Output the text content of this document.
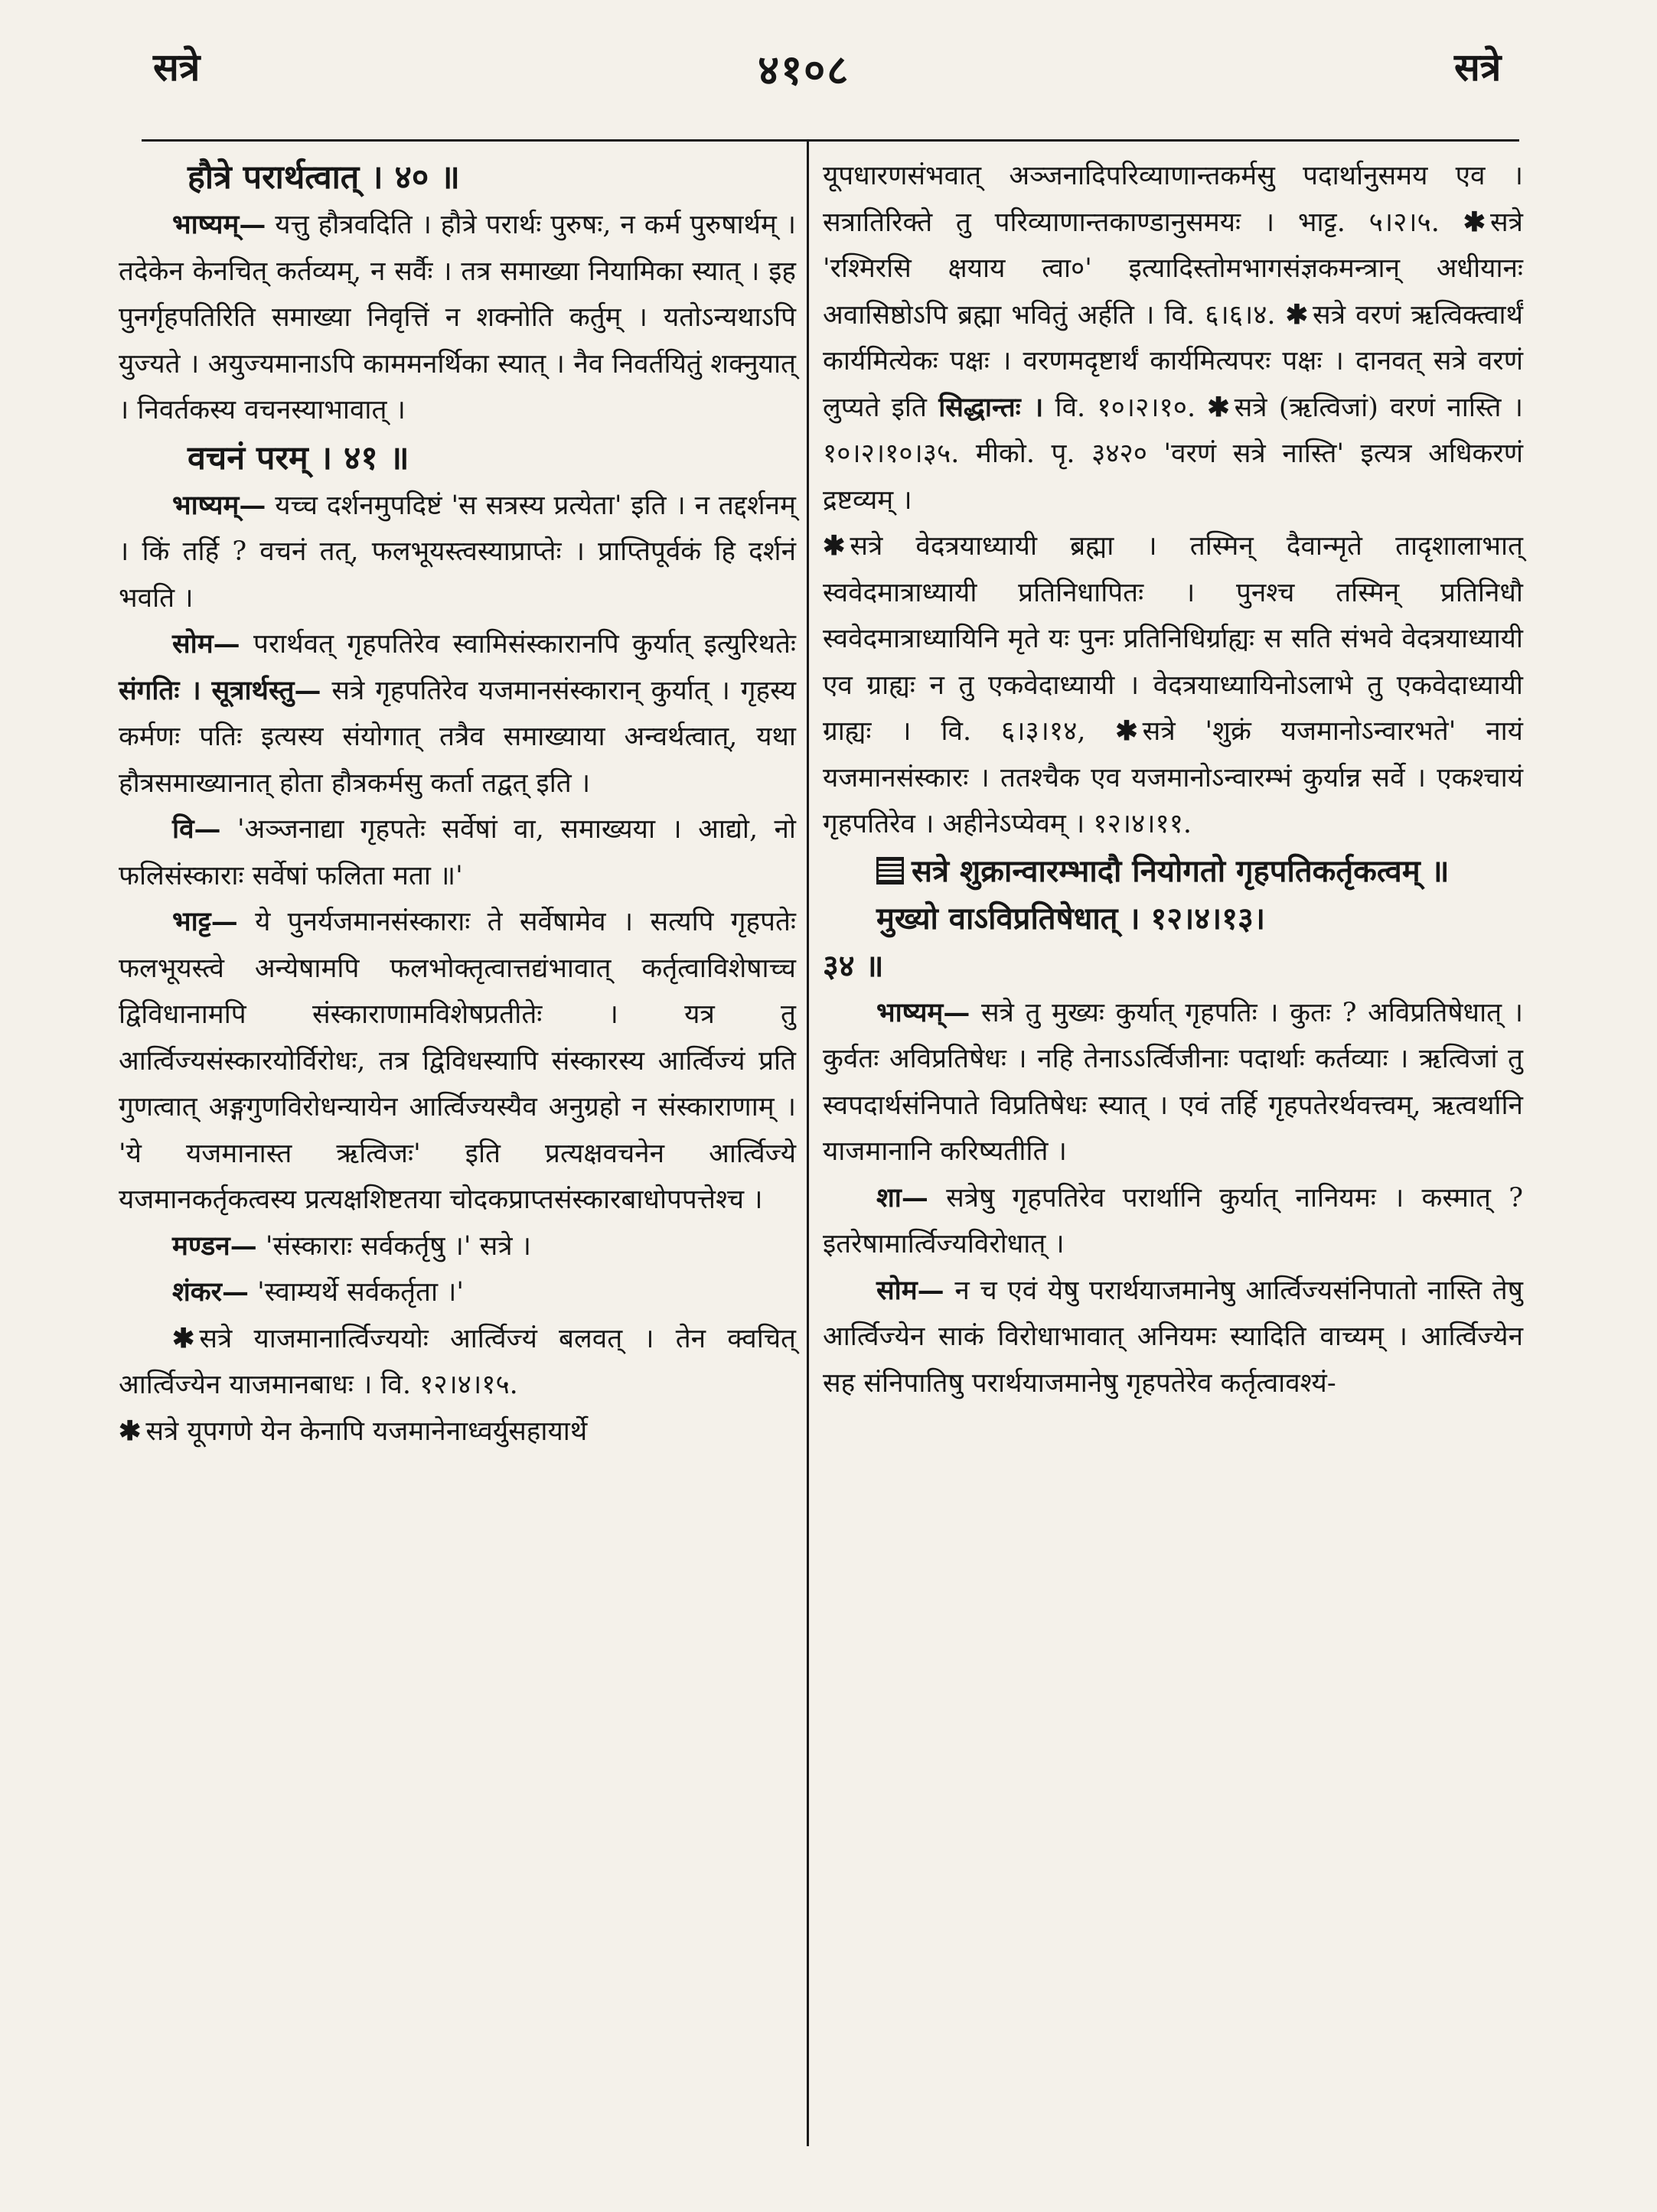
सत्रे	४१०८	सत्रे

हौत्रे परार्थत्वात् । ४० ॥

भाष्यम्— यत्तु हौत्रवदिति । हौत्रे परार्थः पुरुषः, न कर्म पुरुषार्थम् । तदेकेन केनचित् कर्तव्यम्, न सर्वैः । तत्र समाख्या नियामिका स्यात् । इह पुनर्गृहपतिरिति समाख्या निवृत्तिं न शक्नोति कर्तुम् । यतोऽन्यथाऽपि युज्यते । अयुज्यमानाऽपि काममनर्थिका स्यात् । नैव निवर्तयितुं शक्नुयात् । निवर्तकस्य वचनस्याभावात् ।

वचनं परम् । ४१ ॥

भाष्यम्— यच्च दर्शनमुपदिष्टं 'स सत्रस्य प्रत्येता' इति । न तद्दर्शनम् । किं तर्हि ? वचनं तत्, फलभूयस्त्वस्याप्राप्तेः । प्राप्तिपूर्वकं हि दर्शनं भवति ।

सोम— परार्थवत् गृहपतिरेव स्वामिसंस्कारानपि कुर्यात् इत्युरिथतेः संगतिः । सूत्रार्थस्तु— सत्रे गृहपतिरेव यजमानसंस्कारान् कुर्यात् । गृहस्य कर्मणः पतिः इत्यस्य संयोगात् तत्रैव समाख्याया अन्वर्थत्वात्, यथा हौत्रसमाख्यानात् होता हौत्रकर्मसु कर्ता तद्वत् इति ।

वि— 'अञ्जनाद्या गृहपतेः सर्वेषां वा, समाख्यया । आद्यो, नो फलिसंस्काराः सर्वेषां फलिता मता ॥'

भाट्ट— ये पुनर्यजमानसंस्काराः ते सर्वेषामेव । सत्यपि गृहपतेः फलभूयस्त्वे अन्येषामपि फलभोक्तृत्वात्तद्यंभावात् कर्तृत्वाविशेषाच्च द्विविधानामपि संस्काराणामविशेषप्रतीतेः । यत्र तु आर्त्विज्यसंस्कारयोर्विरोधः, तत्र द्विविधस्यापि संस्कारस्य आर्त्विज्यं प्रति गुणत्वात् अङ्गगुणविरोधन्यायेन आर्त्विज्यस्यैव अनुग्रहो न संस्काराणाम् । 'ये यजमानास्त ऋत्विजः' इति प्रत्यक्षवचनेन आर्त्विज्ये यजमानकर्तृकत्वस्य प्रत्यक्षशिष्टतया चोदकप्राप्तसंस्कारबाधोपपत्तेश्च ।

मण्डन— 'संस्काराः सर्वकर्तृषु ।' सत्रे ।

शंकर— 'स्वाम्यर्थे सर्वकर्तृता ।'

✱ सत्रे याजमानार्त्विज्ययोः आर्त्विज्यं बलवत् । तेन क्वचित् आर्त्विज्येन याजमानबाधः । वि. १२।४।१५.

✱ सत्रे यूपगणे येन केनापि यजमानेनाध्वर्युसहायार्थे

यूपधारणसंभवात् अञ्जनादिपरिव्याणान्तकर्मसु पदार्थानुसमय एव । सत्रातिरिक्ते तु परिव्याणान्तकाण्डानुसमयः । भाट्ट. ५।२।५. ✱ सत्रे 'रश्मिरसि क्षयाय त्वा०' इत्यादिस्तोमभागसंज्ञकमन्त्रान् अधीयानः अवासिष्ठोऽपि ब्रह्मा भवितुं अर्हति । वि. ६।६।४. ✱ सत्रे वरणं ऋत्विक्त्वार्थं कार्यमित्येकः पक्षः । वरणमदृष्टार्थं कार्यमित्यपरः पक्षः । दानवत् सत्रे वरणं लुप्यते इति सिद्धान्तः । वि. १०।२।१०. ✱ सत्रे (ऋत्विजां) वरणं नास्ति । १०।२।१०।३५. मीको. पृ. ३४२० 'वरणं सत्रे नास्ति' इत्यत्र अधिकरणं द्रष्टव्यम् ।

✱ सत्रे वेदत्रयाध्यायी ब्रह्मा । तस्मिन् दैवान्मृते तादृशालाभात् स्ववेदमात्राध्यायी प्रतिनिधापितः । पुनश्च तस्मिन् प्रतिनिधौ स्ववेदमात्राध्यायिनि मृते यः पुनः प्रतिनिधिर्ग्राह्यः स सति संभवे वेदत्रयाध्यायी एव ग्राह्यः न तु एकवेदाध्यायी । वेदत्रयाध्यायिनोऽलाभे तु एकवेदाध्यायी ग्राह्यः । वि. ६।३।१४, ✱ सत्रे 'शुक्रं यजमानोऽन्वारभते' नायं यजमानसंस्कारः । ततश्चैक एव यजमानोऽन्वारम्भं कुर्यान्न सर्वे । एकश्चायं गृहपतिरेव । अहीनेऽप्येवम् । १२।४।११.

सत्रे शुक्रान्वारम्भादौ नियोगतो गृहपतिकर्तृकत्वम् ॥

मुख्यो वाऽविप्रतिषेधात् । १२।४।१३।

३४ ॥

भाष्यम्— सत्रे तु मुख्यः कुर्यात् गृहपतिः । कुतः ? अविप्रतिषेधात् । कुर्वतः अविप्रतिषेधः । नहि तेनाऽऽर्त्विजीनाः पदार्थाः कर्तव्याः । ऋत्विजां तु स्वपदार्थसंनिपाते विप्रतिषेधः स्यात् । एवं तर्हि गृहपतेरर्थवत्त्वम्, ऋत्वर्थानि याजमानानि करिष्यतीति ।

शा— सत्रेषु गृहपतिरेव परार्थानि कुर्यात् नानियमः । कस्मात् ? इतरेषामार्त्विज्यविरोधात् ।

सोम— न च एवं येषु परार्थयाजमानेषु आर्त्विज्यसंनिपातो नास्ति तेषु आर्त्विज्येन साकं विरोधाभावात् अनियमः स्यादिति वाच्यम् । आर्त्विज्येन सह संनिपातिषु परार्थयाजमानेषु गृहपतेरेव कर्तृत्वावश्यं-
